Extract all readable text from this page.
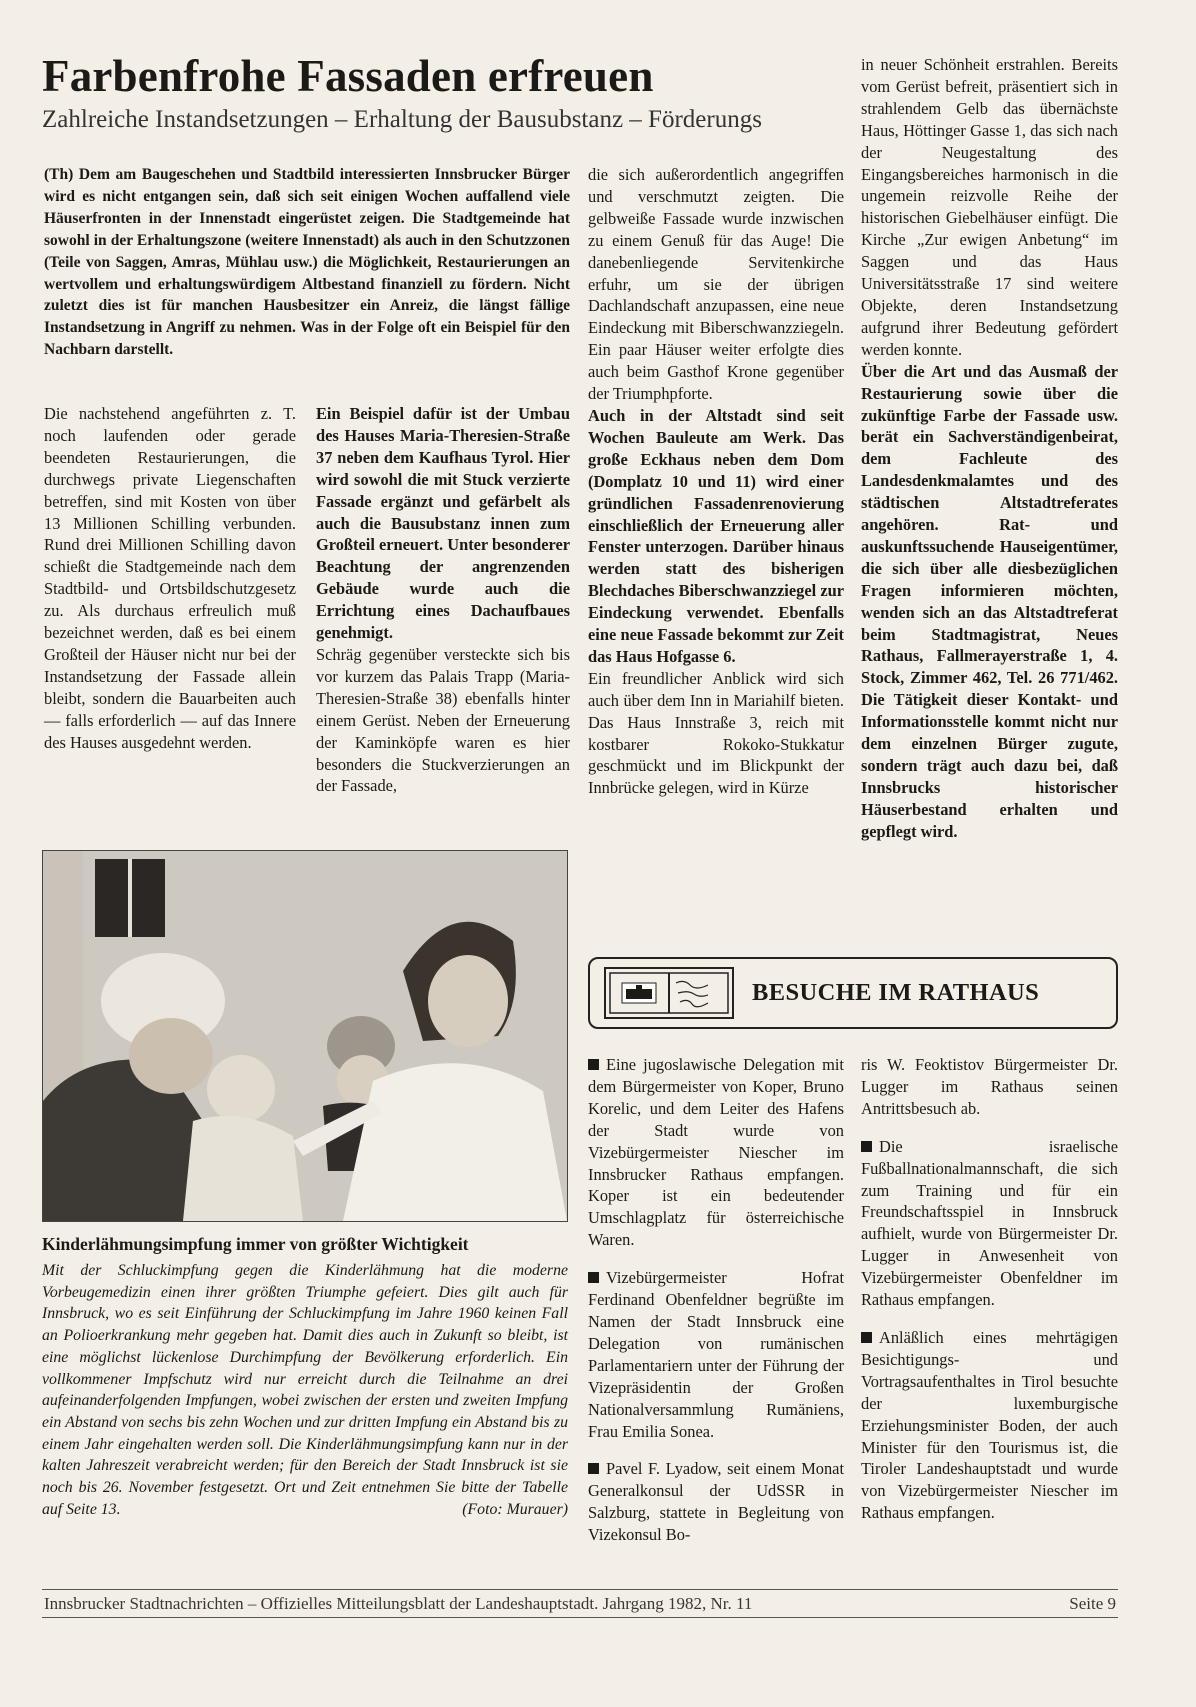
Farbenfrohe Fassaden erfreuen
Zahlreiche Instandsetzungen – Erhaltung der Bausubstanz – Förderungs
(Th) Dem am Baugeschehen und Stadtbild interessierten Innsbrucker Bürger wird es nicht entgangen sein, daß sich seit einigen Wochen auffallend viele Häuserfronten in der Innenstadt eingerüstet zeigen. Die Stadtgemeinde hat sowohl in der Erhaltungszone (weitere Innenstadt) als auch in den Schutzzonen (Teile von Saggen, Amras, Mühlau usw.) die Möglichkeit, Restaurierungen an wertvollem und erhaltungswürdigem Altbestand finanziell zu fördern. Nicht zuletzt dies ist für manchen Hausbesitzer ein Anreiz, die längst fällige Instandsetzung in Angriff zu nehmen. Was in der Folge oft ein Beispiel für den Nachbarn darstellt.

Die nachstehend angeführten z. T. noch laufenden oder gerade beendeten Restaurierungen, die durchwegs private Liegenschaften betreffen, sind mit Kosten von über 13 Millionen Schilling verbunden. Rund drei Millionen Schilling davon schießt die Stadtgemeinde nach dem Stadtbild- und Ortsbildschutzgesetz zu. Als durchaus erfreulich muß bezeichnet werden, daß es bei einem Großteil der Häuser nicht nur bei der Instandsetzung der Fassade allein bleibt, sondern die Bauarbeiten auch — falls erforderlich — auf das Innere des Hauses ausgedehnt werden.

Ein Beispiel dafür ist der Umbau des Hauses Maria-Theresien-Straße 37 neben dem Kaufhaus Tyrol. Hier wird sowohl die mit Stuck verzierte Fassade ergänzt und gefärbelt als auch die Bausubstanz innen zum Großteil erneuert. Unter besonderer Beachtung der angrenzenden Gebäude wurde auch die Errichtung eines Dachaufbaues genehmigt.

Schräg gegenüber versteckte sich bis vor kurzem das Palais Trapp (Maria-Theresien-Straße 38) ebenfalls hinter einem Gerüst. Neben der Erneuerung der Kaminköpfe waren es hier besonders die Stuckverzierungen an der Fassade,

die sich außerordentlich angegriffen und verschmutzt zeigten. Die gelbweiße Fassade wurde inzwischen zu einem Genuß für das Auge! Die danebenliegende Servitenkirche erfuhr, um sie der übrigen Dachlandschaft anzupassen, eine neue Eindeckung mit Biberschwanzziegeln. Ein paar Häuser weiter erfolgte dies auch beim Gasthof Krone gegenüber der Triumphpforte.

Auch in der Altstadt sind seit Wochen Bauleute am Werk. Das große Eckhaus neben dem Dom (Domplatz 10 und 11) wird einer gründlichen Fassadenrenovierung einschließlich der Erneuerung aller Fenster unterzogen. Darüber hinaus werden statt des bisherigen Blechdaches Biberschwanzziegel zur Eindeckung verwendet. Ebenfalls eine neue Fassade bekommt zur Zeit das Haus Hofgasse 6.

Ein freundlicher Anblick wird sich auch über dem Inn in Mariahilf bieten. Das Haus Innstraße 3, reich mit kostbarer Rokoko-Stukkatur geschmückt und im Blickpunkt der Innbrücke gelegen, wird in Kürze

in neuer Schönheit erstrahlen. Bereits vom Gerüst befreit, präsentiert sich in strahlendem Gelb das übernächste Haus, Höttinger Gasse 1, das sich nach der Neugestaltung des Eingangsbereiches harmonisch in die ungemein reizvolle Reihe der historischen Giebelhäuser einfügt. Die Kirche „Zur ewigen Anbetung“ im Saggen und das Haus Universitätsstraße 17 sind weitere Objekte, deren Instandsetzung aufgrund ihrer Bedeutung gefördert werden konnte.

Über die Art und das Ausmaß der Restaurierung sowie über die zukünftige Farbe der Fassade usw. berät ein Sachverständigenbeirat, dem Fachleute des Landesdenkmalamtes und des städtischen Altstadtreferates angehören. Rat- und auskunftssuchende Hauseigentümer, die sich über alle diesbezüglichen Fragen informieren möchten, wenden sich an das Altstadtreferat beim Stadtmagistrat, Neues Rathaus, Fallmerayerstraße 1, 4. Stock, Zimmer 462, Tel. 26 771/462. Die Tätigkeit dieser Kontakt- und Informationsstelle kommt nicht nur dem einzelnen Bürger zugute, sondern trägt auch dazu bei, daß Innsbrucks historischer Häuserbestand erhalten und gepflegt wird.

Kinderlähmungsimpfung immer von größter Wichtigkeit
Mit der Schluckimpfung gegen die Kinderlähmung hat die moderne Vorbeugemedizin einen ihrer größten Triumphe gefeiert. Dies gilt auch für Innsbruck, wo es seit Einführung der Schluckimpfung im Jahre 1960 keinen Fall an Polioerkrankung mehr gegeben hat. Damit dies auch in Zukunft so bleibt, ist eine möglichst lückenlose Durchimpfung der Bevölkerung erforderlich. Ein vollkommener Impfschutz wird nur erreicht durch die Teilnahme an drei aufeinanderfolgenden Impfungen, wobei zwischen der ersten und zweiten Impfung ein Abstand von sechs bis zehn Wochen und zur dritten Impfung ein Abstand bis zu einem Jahr eingehalten werden soll. Die Kinderlähmungsimpfung kann nur in der kalten Jahreszeit verabreicht werden; für den Bereich der Stadt Innsbruck ist sie noch bis 26. November festgesetzt. Ort und Zeit entnehmen Sie bitte der Tabelle auf Seite 13.	(Foto: Murauer)
BESUCHE IM RATHAUS

Eine jugoslawische Delegation mit dem Bürgermeister von Koper, Bruno Korelic, und dem Leiter des Hafens der Stadt wurde von Vizebürgermeister Niescher im Innsbrucker Rathaus empfangen. Koper ist ein bedeutender Umschlagplatz für österreichische Waren.

Vizebürgermeister Hofrat Ferdinand Obenfeldner begrüßte im Namen der Stadt Innsbruck eine Delegation von rumänischen Parlamentariern unter der Führung der Vizepräsidentin der Großen Nationalversammlung Rumäniens, Frau Emilia Sonea.

Pavel F. Lyadow, seit einem Monat Generalkonsul der UdSSR in Salzburg, stattete in Begleitung von Vizekonsul Bo-

ris W. Feoktistov Bürgermeister Dr. Lugger im Rathaus seinen Antrittsbesuch ab.

Die israelische Fußballnationalmannschaft, die sich zum Training und für ein Freundschaftsspiel in Innsbruck aufhielt, wurde von Bürgermeister Dr. Lugger in Anwesenheit von Vizebürgermeister Obenfeldner im Rathaus empfangen.

Anläßlich eines mehrtägigen Besichtigungs- und Vortragsaufenthaltes in Tirol besuchte der luxemburgische Erziehungsminister Boden, der auch Minister für den Tourismus ist, die Tiroler Landeshauptstadt und wurde von Vizebürgermeister Niescher im Rathaus empfangen.

Innsbrucker Stadtnachrichten – Offizielles Mitteilungsblatt der Landeshauptstadt. Jahrgang 1982, Nr. 11	Seite 9
